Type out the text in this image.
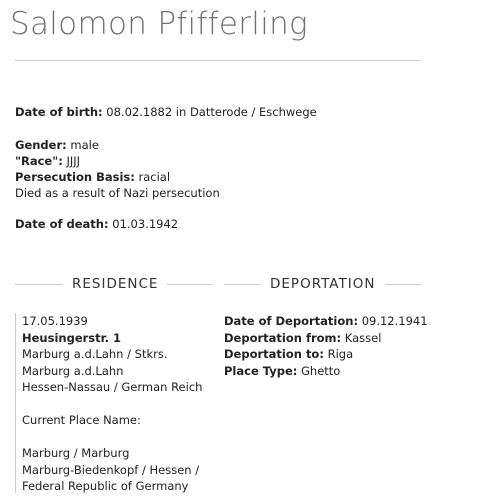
Salomon Pfifferling
Date of birth: 08.02.1882 in Datterode / Eschwege
Gender: male
"Race": JJJJ
Persecution Basis: racial
Died as a result of Nazi persecution
Date of death: 01.03.1942
RESIDENCE	DEPORTATION
17.05.1939
Heusingerstr. 1
Marburg a.d.Lahn / Stkrs.
Marburg a.d.Lahn
Hessen-Nassau / German Reich
Current Place Name:
Marburg / Marburg
Marburg-Biedenkopf / Hessen /
Federal Republic of Germany
Date of Deportation: 09.12.1941
Deportation from: Kassel
Deportation to: Riga
Place Type: Ghetto
